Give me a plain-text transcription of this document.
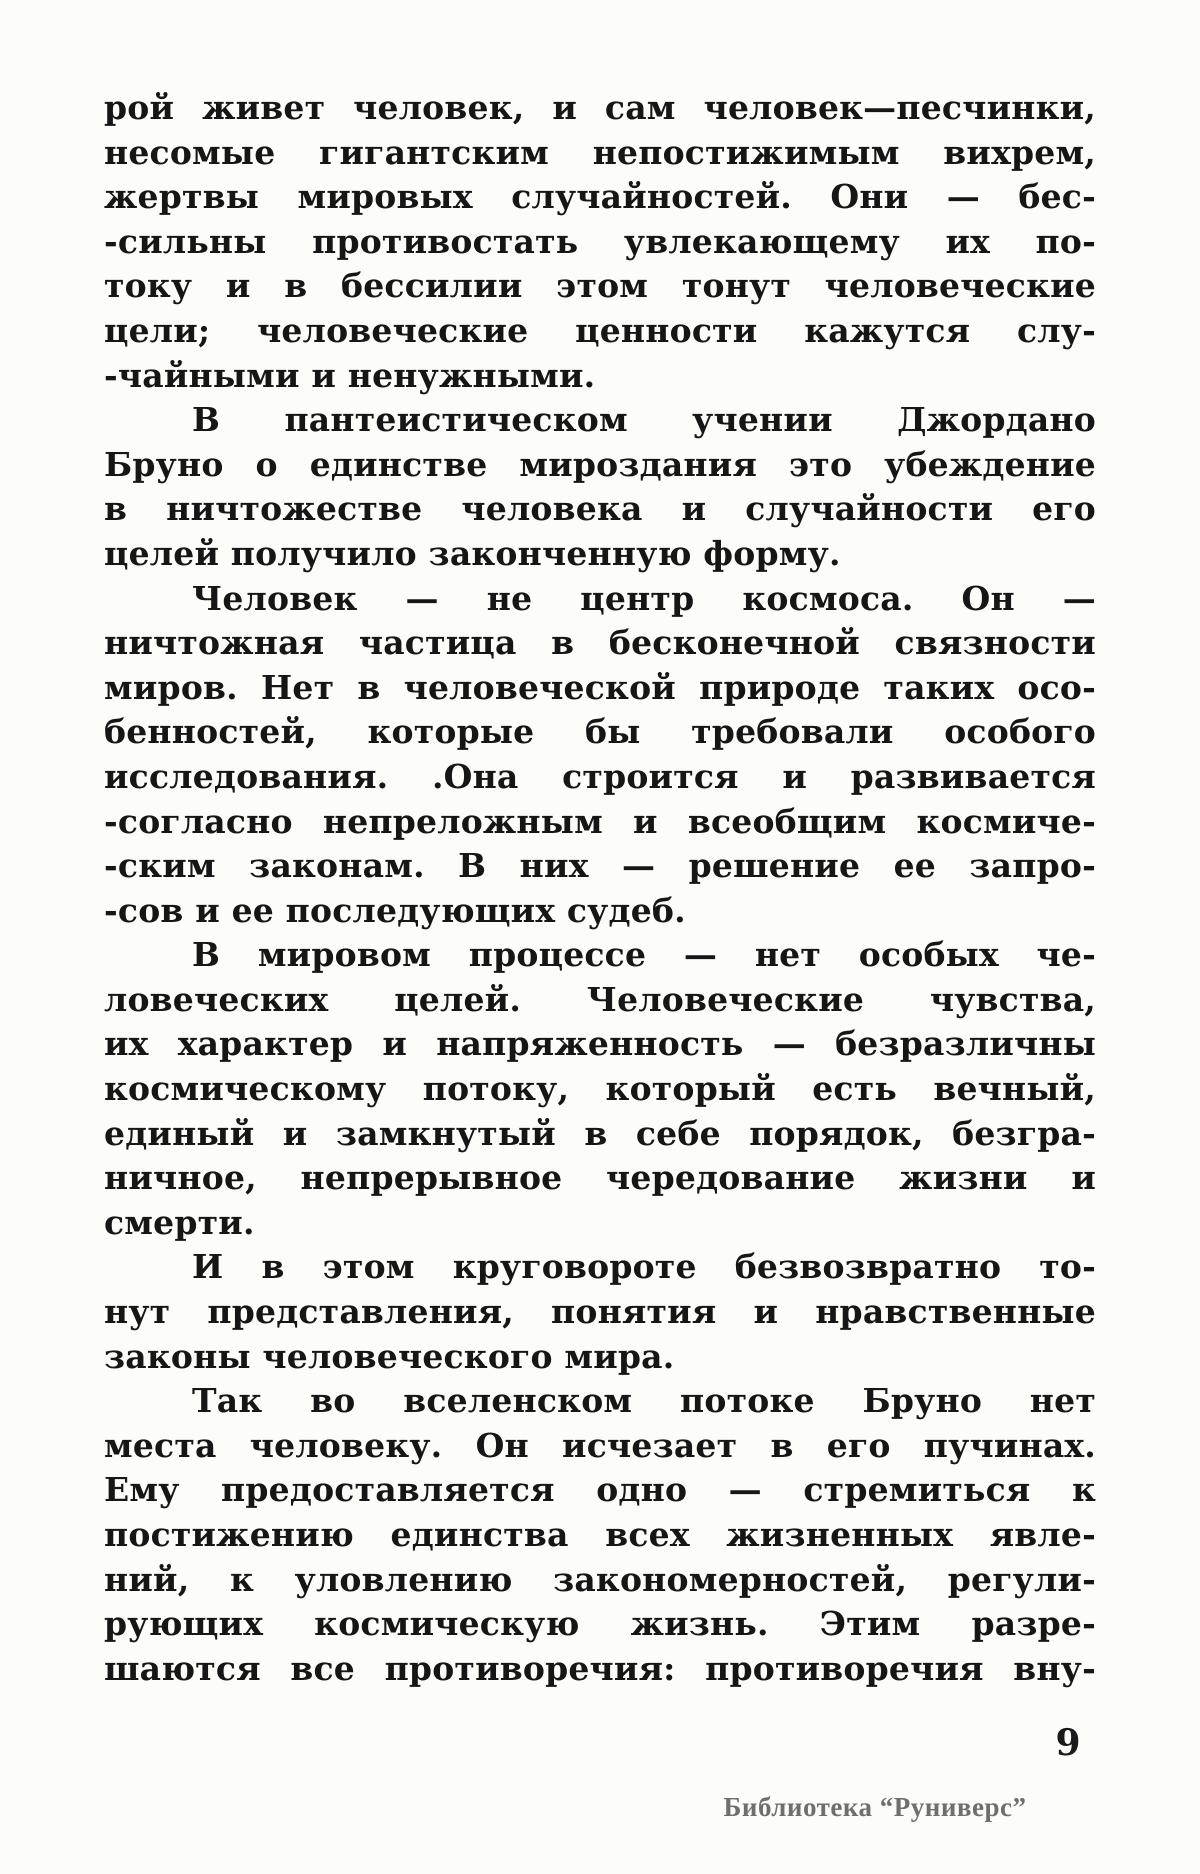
рой живет человек, и сам человек—песчинки,
несомые гигантским непостижимым вихрем,
жертвы мировых случайностей. Они — бес-
-сильны противостать увлекающему их по-
току и в бессилии этом тонут человеческие
цели; человеческие ценности кажутся слу-
-чайными и ненужными.
В пантеистическом учении Джордано
Бруно о единстве мироздания это убеждение
в ничтожестве человека и случайности его
целей получило законченную форму.
Человек — не центр космоса. Он —
ничтожная частица в бесконечной связности
миров. Нет в человеческой природе таких осо-
бенностей, которые бы требовали особого
исследования. .Она строится и развивается
-согласно непреложным и всеобщим космиче-
-ским законам. В них — решение ее запро-
-сов и ее последующих судеб.
В мировом процессе — нет особых че-
ловеческих целей. Человеческие чувства,
их характер и напряженность — безразличны
космическому потоку, который есть вечный,
единый и замкнутый в себе порядок, безгра-
ничное, непрерывное чередование жизни и
смерти.
И в этом круговороте безвозвратно то-
нут представления, понятия и нравственные
законы человеческого мира.
Так во вселенском потоке Бруно нет
места человеку. Он исчезает в его пучинах.
Ему предоставляется одно — стремиться к
постижению единства всех жизненных явле-
ний, к уловлению закономерностей, регули-
рующих космическую жизнь. Этим разре-
шаются все противоречия: противоречия вну-
9
Библиотека “Руниверс”
